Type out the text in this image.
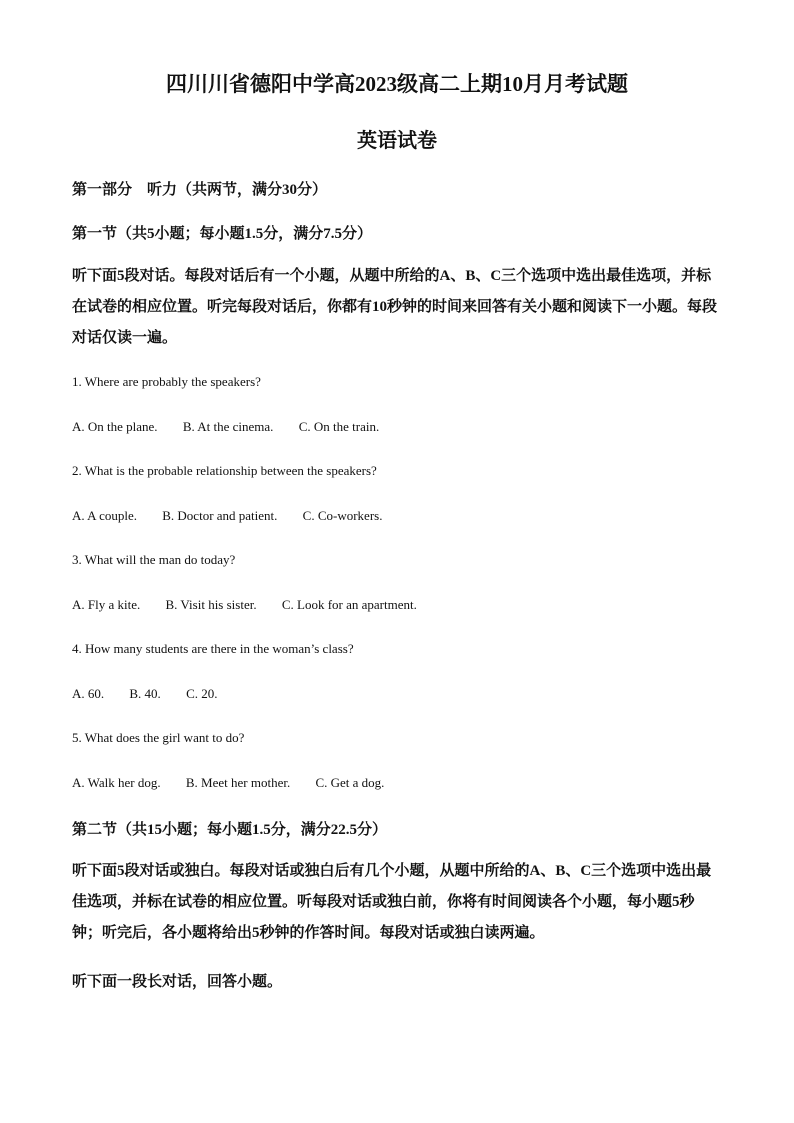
四川川省德阳中学高2023级高二上期10月月考试题
英语试卷
第一部分　听力（共两节，满分30分）
第一节（共5小题；每小题1.5分，满分7.5分）
听下面5段对话。每段对话后有一个小题，从题中所给的A、B、C三个选项中选出最佳选项，并标在试卷的相应位置。听完每段对话后，你都有10秒钟的时间来回答有关小题和阅读下一小题。每段对话仅读一遍。
1. Where are probably the speakers?
A. On the plane. B. At the cinema. C. On the train.
2. What is the probable relationship between the speakers?
A. A couple. B. Doctor and patient. C. Co-workers.
3. What will the man do today?
A. Fly a kite. B. Visit his sister. C. Look for an apartment.
4. How many students are there in the woman’s class?
A. 60. B. 40. C. 20.
5. What does the girl want to do?
A. Walk her dog. B. Meet her mother. C. Get a dog.
第二节（共15小题；每小题1.5分，满分22.5分）
听下面5段对话或独白。每段对话或独白后有几个小题，从题中所给的A、B、C三个选项中选出最佳选项，并标在试卷的相应位置。听每段对话或独白前，你将有时间阅读各个小题，每小题5秒钟；听完后，各小题将给出5秒钟的作答时间。每段对话或独白读两遍。
听下面一段长对话，回答小题。
